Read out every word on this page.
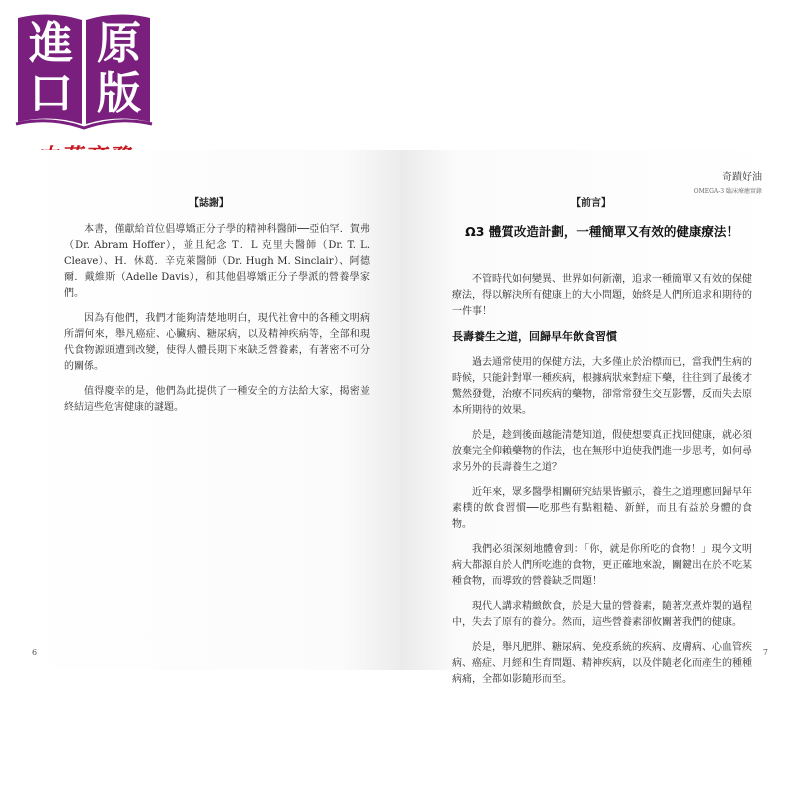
進 原
口 版
【誌謝】

本書，僅獻給首位倡導矯正分子學的精神科醫師──亞伯罕．賀弗（Dr. Abram Hoffer），並且紀念 T．L 克里夫醫師（Dr. T. L. Cleave）、H．休葛．辛克萊醫師（Dr. Hugh M. Sinclair）、阿德爾．戴維斯（Adelle Davis），和其他倡導矯正分子學派的營養學家們。

因為有他們，我們才能夠清楚地明白，現代社會中的各種文明病所謂何來，舉凡癌症、心臟病、糖尿病，以及精神疾病等，全部和現代食物源頭遭到改變，使得人體長期下來缺乏營養素，有著密不可分的關係。

值得慶幸的是，他們為此提供了一種安全的方法給大家，揭密並終結這些危害健康的謎題。

6
奇蹟好油
OMEGA-3 臨床療癒實錄
【前言】
Ω3 體質改造計劃，一種簡單又有效的健康療法！

不管時代如何變異、世界如何新潮，追求一種簡單又有效的保健療法，得以解決所有健康上的大小問題，始終是人們所追求和期待的一件事！

長壽養生之道，回歸早年飲食習慣

過去通常使用的保健方法，大多僅止於治標而已，當我們生病的時候，只能針對單一種疾病，根據病狀來對症下藥，往往到了最後才驚然發覺，治療不同疾病的藥物，卻常常發生交互影響，反而失去原本所期待的效果。

於是，趁到後面越能清楚知道，假使想要真正找回健康，就必須放棄完全仰賴藥物的作法，也在無形中迫使我們進一步思考，如何尋求另外的長壽養生之道？

近年來，眾多醫學相關研究結果皆顯示，養生之道理應回歸早年素樸的飲食習慣──吃那些有點粗糙、新鮮，而且有益於身體的食物。

我們必須深刻地體會到：「你，就是你所吃的食物！」現今文明病大都源自於人們所吃進的食物，更正確地來說，關鍵出在於不吃某種食物，而導致的營養缺乏問題！

現代人講求精緻飲食，於是大量的營養素，隨著烹煮炸製的過程中，失去了原有的養分。然而，這些營養素卻攸關著我們的健康。

於是，舉凡肥胖、糖尿病、免疫系統的疾病、皮膚病、心血管疾病、癌症、月經和生育問題、精神疾病，以及伴隨老化而產生的種種病痛，全都如影隨形而至。

7
